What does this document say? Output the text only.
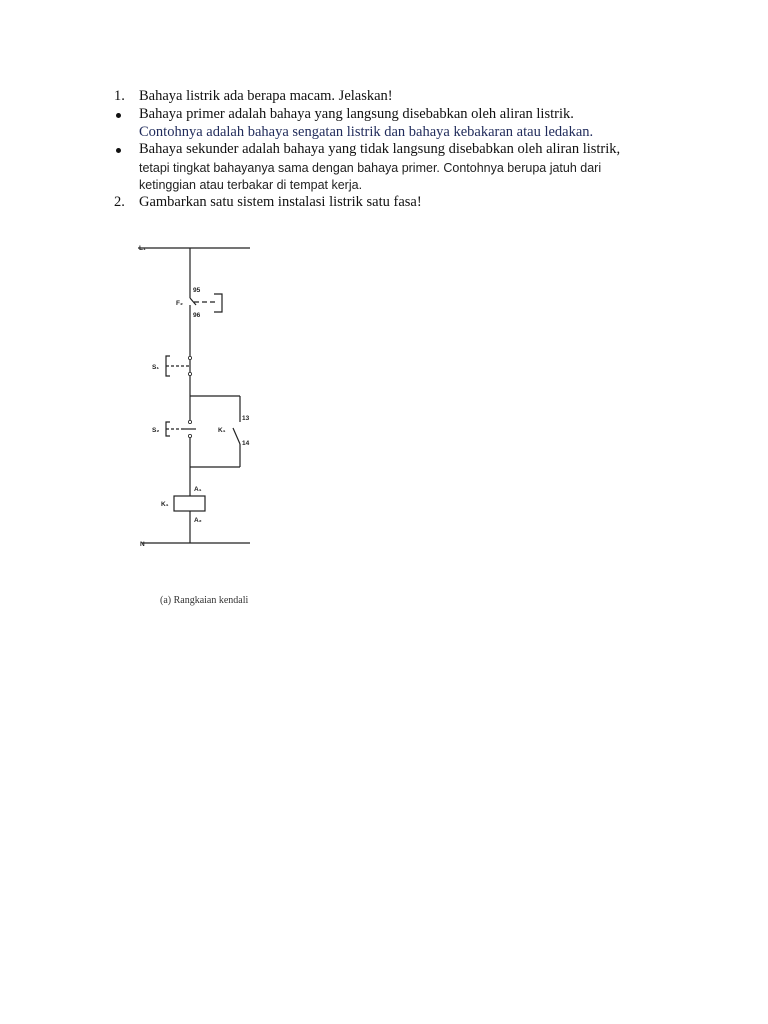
1. Bahaya listrik ada berapa macam. Jelaskan!
Bahaya primer adalah bahaya yang langsung disebabkan oleh aliran listrik.
Contohnya adalah bahaya sengatan listrik dan bahaya kebakaran atau ledakan.
Bahaya sekunder adalah bahaya yang tidak langsung disebabkan oleh aliran listrik,
tetapi tingkat bahayanya sama dengan bahaya primer. Contohnya berupa jatuh dari
ketinggian atau terbakar di tempat kerja.
2. Gambarkan satu sistem instalasi listrik satu fasa!
L₁
N
F₂
95
96
S₁
S₂	K₁
13
14
K₁
A₁
A₂
(a) Rangkaian kendali
